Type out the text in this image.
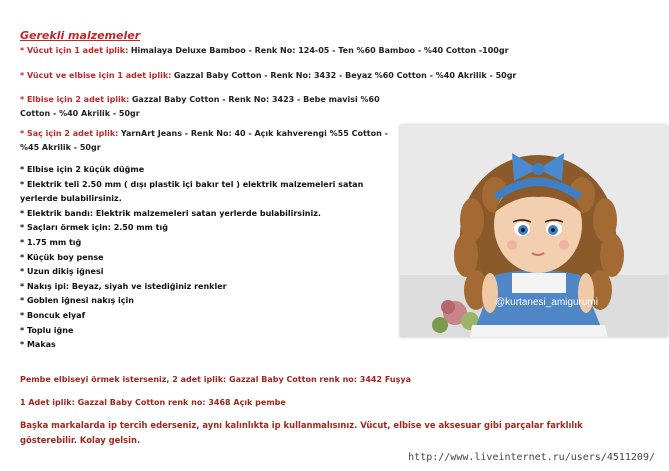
Gerekli malzemeler
* Vücut için 1 adet iplik: Himalaya Deluxe Bamboo - Renk No: 124-05 - Ten %60 Bamboo - %40 Cotton -100gr
* Vücut ve elbise için 1 adet iplik: Gazzal Baby Cotton - Renk No: 3432 - Beyaz %60 Cotton - %40 Akrilik - 50gr
* Elbise için 2 adet iplik: Gazzal Baby Cotton - Renk No: 3423 - Bebe mavisi %60
Cotton - %40 Akrilik - 50gr
* Saç için 2 adet iplik: YarnArt Jeans - Renk No: 40 - Açık kahverengi %55 Cotton -
%45 Akrilik - 50gr
* Elbise için 2 küçük düğme
* Elektrik teli 2.50 mm ( dışı plastik içi bakır tel ) elektrik malzemeleri satan
yerlerde bulabilirsiniz.
* Elektrik bandı: Elektrik malzemeleri satan yerlerde bulabilirsiniz.
* Saçları örmek için: 2.50 mm tığ
* 1.75 mm tığ
* Küçük boy pense
* Uzun dikiş iğnesi
* Nakış ipi: Beyaz, siyah ve istediğiniz renkler
* Goblen iğnesi nakış için
* Boncuk elyaf
* Toplu iğne
* Makas
@kurtanesi_amigurumi
Pembe elbiseyi örmek isterseniz, 2 adet iplik: Gazzal Baby Cotton renk no: 3442 Fuşya
1 Adet iplik: Gazzal Baby Cotton renk no: 3468 Açık pembe
Başka markalarda ip tercih ederseniz, aynı kalınlıkta ip kullanmalısınız. Vücut, elbise ve aksesuar gibi parçalar farklılık gösterebilir. Kolay gelsin.
http://www.liveinternet.ru/users/4511209/
